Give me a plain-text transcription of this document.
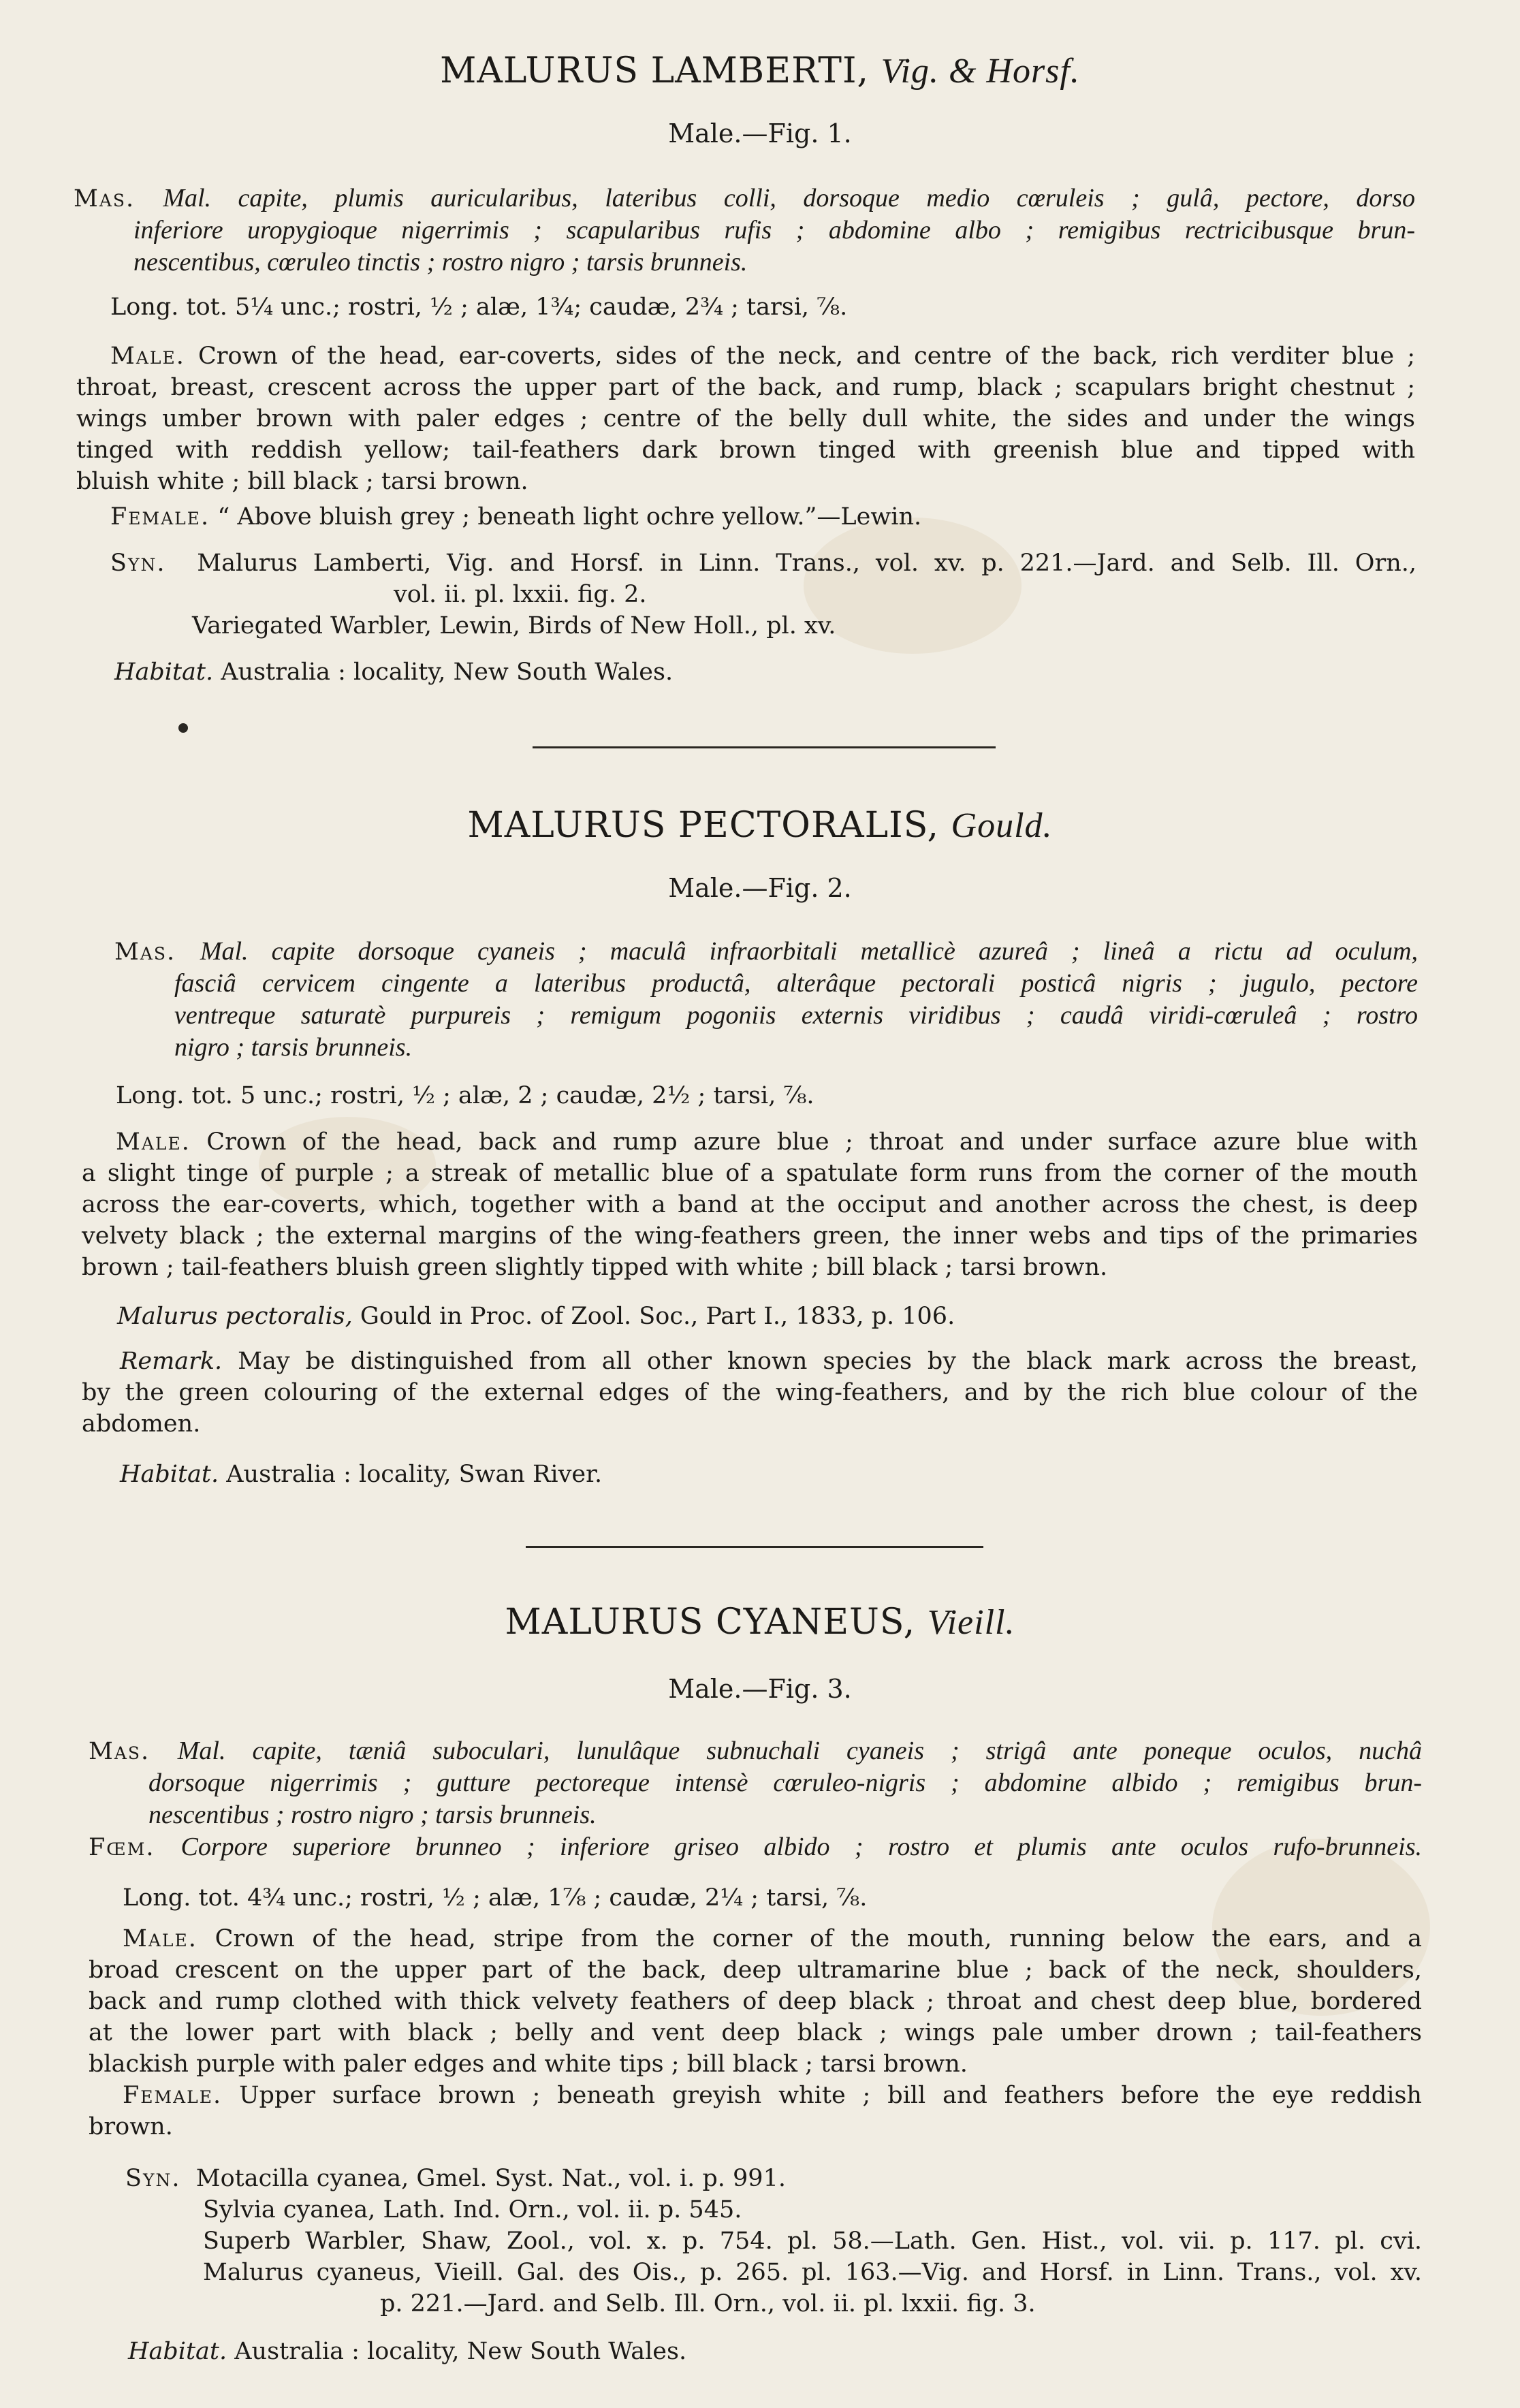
MALURUS LAMBERTI, Vig. & Horsf.
Male.—Fig. 1.
Mas. Mal. capite, plumis auricularibus, lateribus colli, dorsoque medio cœruleis ; gulâ, pectore, dorso
inferiore uropygioque nigerrimis ; scapularibus rufis ; abdomine albo ; remigibus rectricibusque brun-
nescentibus, cœruleo tinctis ; rostro nigro ; tarsis brunneis.
Long. tot. 5¼ unc.; rostri, ½ ; alæ, 1¾; caudæ, 2¾ ; tarsi, ⅞.
Male. Crown of the head, ear-coverts, sides of the neck, and centre of the back, rich verditer blue ;
throat, breast, crescent across the upper part of the back, and rump, black ; scapulars bright chestnut ;
wings umber brown with paler edges ; centre of the belly dull white, the sides and under the wings
tinged with reddish yellow; tail-feathers dark brown tinged with greenish blue and tipped with
bluish white ; bill black ; tarsi brown.
Female. “ Above bluish grey ; beneath light ochre yellow.”—Lewin.
Syn. Malurus Lamberti, Vig. and Horsf. in Linn. Trans., vol. xv. p. 221.—Jard. and Selb. Ill. Orn.,
vol. ii. pl. lxxii. fig. 2.
Variegated Warbler, Lewin, Birds of New Holl., pl. xv.
Habitat. Australia : locality, New South Wales.
MALURUS PECTORALIS, Gould.
Male.—Fig. 2.
Mas. Mal. capite dorsoque cyaneis ; maculâ infraorbitali metallicè azureâ ; lineâ a rictu ad oculum,
fasciâ cervicem cingente a lateribus productâ, alterâque pectorali posticâ nigris ; jugulo, pectore
ventreque saturatè purpureis ; remigum pogoniis externis viridibus ; caudâ viridi-cœruleâ ; rostro
nigro ; tarsis brunneis.
Long. tot. 5 unc.; rostri, ½ ; alæ, 2 ; caudæ, 2½ ; tarsi, ⅞.
Male. Crown of the head, back and rump azure blue ; throat and under surface azure blue with
a slight tinge of purple ; a streak of metallic blue of a spatulate form runs from the corner of the mouth
across the ear-coverts, which, together with a band at the occiput and another across the chest, is deep
velvety black ; the external margins of the wing-feathers green, the inner webs and tips of the primaries
brown ; tail-feathers bluish green slightly tipped with white ; bill black ; tarsi brown.
Malurus pectoralis, Gould in Proc. of Zool. Soc., Part I., 1833, p. 106.
Remark. May be distinguished from all other known species by the black mark across the breast,
by the green colouring of the external edges of the wing-feathers, and by the rich blue colour of the
abdomen.
Habitat. Australia : locality, Swan River.
MALURUS CYANEUS, Vieill.
Male.—Fig. 3.
Mas. Mal. capite, tæniâ suboculari, lunulâque subnuchali cyaneis ; strigâ ante poneque oculos, nuchâ
dorsoque nigerrimis ; gutture pectoreque intensè cœruleo-nigris ; abdomine albido ; remigibus brun-
nescentibus ; rostro nigro ; tarsis brunneis.
Fœm. Corpore superiore brunneo ; inferiore griseo albido ; rostro et plumis ante oculos rufo-brunneis.
Long. tot. 4¾ unc.; rostri, ½ ; alæ, 1⅞ ; caudæ, 2¼ ; tarsi, ⅞.
Male. Crown of the head, stripe from the corner of the mouth, running below the ears, and a
broad crescent on the upper part of the back, deep ultramarine blue ; back of the neck, shoulders,
back and rump clothed with thick velvety feathers of deep black ; throat and chest deep blue, bordered
at the lower part with black ; belly and vent deep black ; wings pale umber drown ; tail-feathers
blackish purple with paler edges and white tips ; bill black ; tarsi brown.
Female. Upper surface brown ; beneath greyish white ; bill and feathers before the eye reddish
brown.
Syn. Motacilla cyanea, Gmel. Syst. Nat., vol. i. p. 991.
Sylvia cyanea, Lath. Ind. Orn., vol. ii. p. 545.
Superb Warbler, Shaw, Zool., vol. x. p. 754. pl. 58.—Lath. Gen. Hist., vol. vii. p. 117. pl. cvi.
Malurus cyaneus, Vieill. Gal. des Ois., p. 265. pl. 163.—Vig. and Horsf. in Linn. Trans., vol. xv.
p. 221.—Jard. and Selb. Ill. Orn., vol. ii. pl. lxxii. fig. 3.
Habitat. Australia : locality, New South Wales.
